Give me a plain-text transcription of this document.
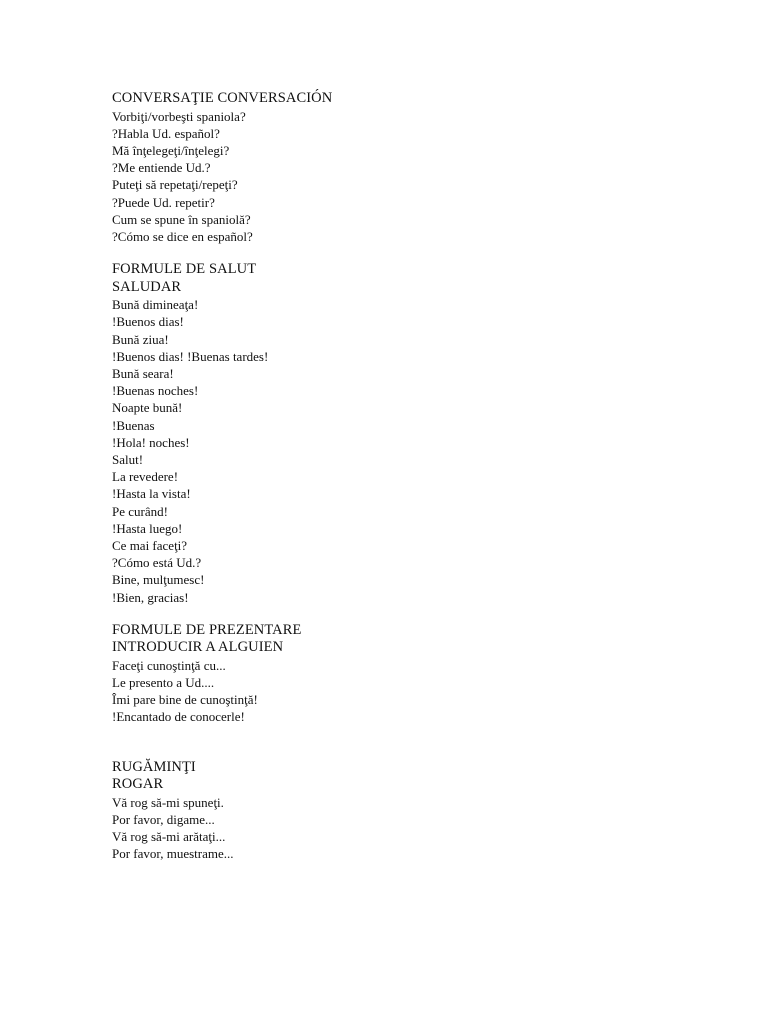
CONVERSAŢIE CONVERSACIÓN
Vorbiţi/vorbeşti spaniola?
?Habla Ud. español?
Mă înţelegeţi/înţelegi?
?Me entiende Ud.?
Puteţi să repetaţi/repeţi?
?Puede Ud. repetir?
Cum se spune în spaniolă?
?Cómo se dice en español?
FORMULE DE SALUT
SALUDAR
Bună dimineaţa!
!Buenos dias!
Bună ziua!
!Buenos dias! !Buenas tardes!
Bună seara!
!Buenas noches!
Noapte bună!
!Buenas
!Hola! noches!
Salut!
La revedere!
!Hasta la vista!
Pe curând!
!Hasta luego!
Ce mai faceţi?
?Cómo está Ud.?
Bine, mulţumesc!
!Bien, gracias!
FORMULE DE PREZENTARE
INTRODUCIR A ALGUIEN
Faceţi cunoştinţă cu...
Le presento a Ud....
Îmi pare bine de cunoştinţă!
!Encantado de conocerle!
RUGĂMINŢI
ROGAR
Vă rog să-mi spuneţi.
Por favor, digame...
Vă rog să-mi arătaţi...
Por favor, muestrame...
